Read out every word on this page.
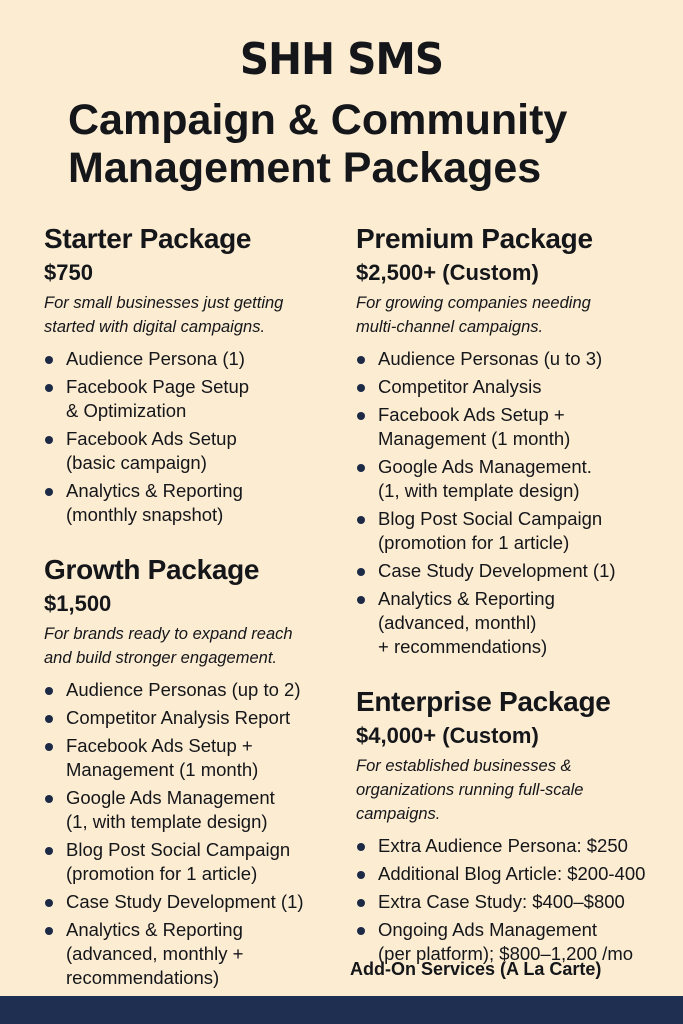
SHH SMS
Campaign & Community
Management Packages
Starter Package
$750
For small businesses just getting
started with digital campaigns.
Audience Persona (1)
Facebook Page Setup
& Optimization
Facebook Ads Setup
(basic campaign)
Analytics & Reporting
(monthly snapshot)
Growth Package
$1,500
For brands ready to expand reach
and build stronger engagement.
Audience Personas (up to 2)
Competitor Analysis Report
Facebook Ads Setup +
Management (1 month)
Google Ads Management
(1, with template design)
Blog Post Social Campaign
(promotion for 1 article)
Case Study Development (1)
Analytics & Reporting
(advanced, monthly +
recommendations)
Premium Package
$2,500+ (Custom)
For growing companies needing
multi-channel campaigns.
Audience Personas (u to 3)
Competitor Analysis
Facebook Ads Setup +
Management (1 month)
Google Ads Management.
(1, with template design)
Blog Post Social Campaign
(promotion for 1 article)
Case Study Development (1)
Analytics & Reporting
(advanced, monthl)
+ recommendations)
Enterprise Package
$4,000+ (Custom)
For established businesses &
organizations running full-scale
campaigns.
Extra Audience Persona: $250
Additional Blog Article: $200-400
Extra Case Study: $400–$800
Ongoing Ads Management
(per platform); $800–1,200 /mo
Add-On Services (A La Carte)
